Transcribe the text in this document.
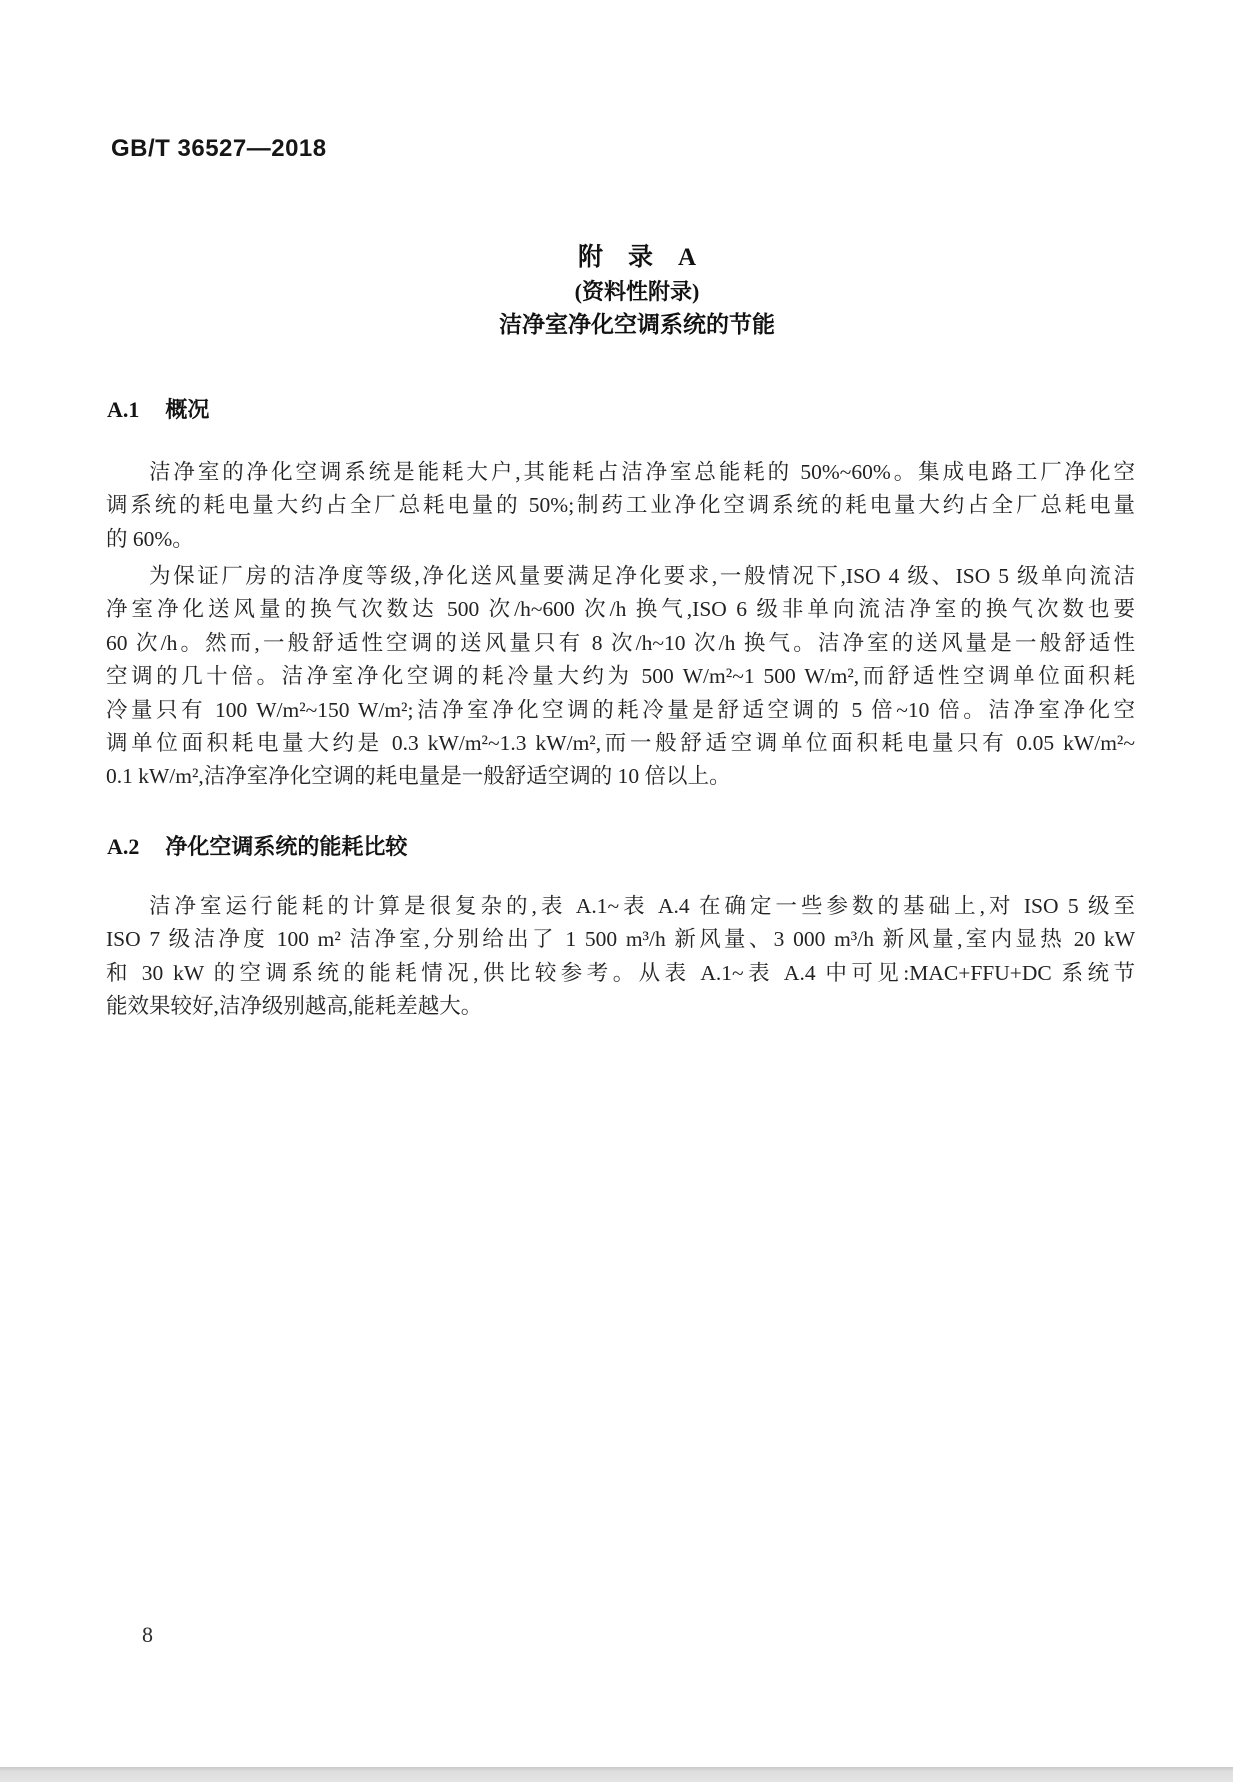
GB/T 36527—2018
附　录　A
(资料性附录)
洁净室净化空调系统的节能
A.1 概况
洁净室的净化空调系统是能耗大户,其能耗占洁净室总能耗的 50%~60%。集成电路工厂净化空
调系统的耗电量大约占全厂总耗电量的 50%;制药工业净化空调系统的耗电量大约占全厂总耗电量
的 60%。
为保证厂房的洁净度等级,净化送风量要满足净化要求,一般情况下,ISO 4 级、ISO 5 级单向流洁
净室净化送风量的换气次数达 500 次/h~600 次/h 换气,ISO 6 级非单向流洁净室的换气次数也要
60 次/h。然而,一般舒适性空调的送风量只有 8 次/h~10 次/h 换气。洁净室的送风量是一般舒适性
空调的几十倍。洁净室净化空调的耗冷量大约为 500 W/m²~1 500 W/m²,而舒适性空调单位面积耗
冷量只有 100 W/m²~150 W/m²;洁净室净化空调的耗冷量是舒适空调的 5 倍~10 倍。洁净室净化空
调单位面积耗电量大约是 0.3 kW/m²~1.3 kW/m²,而一般舒适空调单位面积耗电量只有 0.05 kW/m²~
0.1 kW/m²,洁净室净化空调的耗电量是一般舒适空调的 10 倍以上。
A.2 净化空调系统的能耗比较
洁净室运行能耗的计算是很复杂的,表 A.1~表 A.4 在确定一些参数的基础上,对 ISO 5 级至
ISO 7 级洁净度 100 m² 洁净室,分别给出了 1 500 m³/h 新风量、3 000 m³/h 新风量,室内显热 20 kW
和 30 kW 的空调系统的能耗情况,供比较参考。从表 A.1~表 A.4 中可见:MAC+FFU+DC 系统节
能效果较好,洁净级别越高,能耗差越大。
8
